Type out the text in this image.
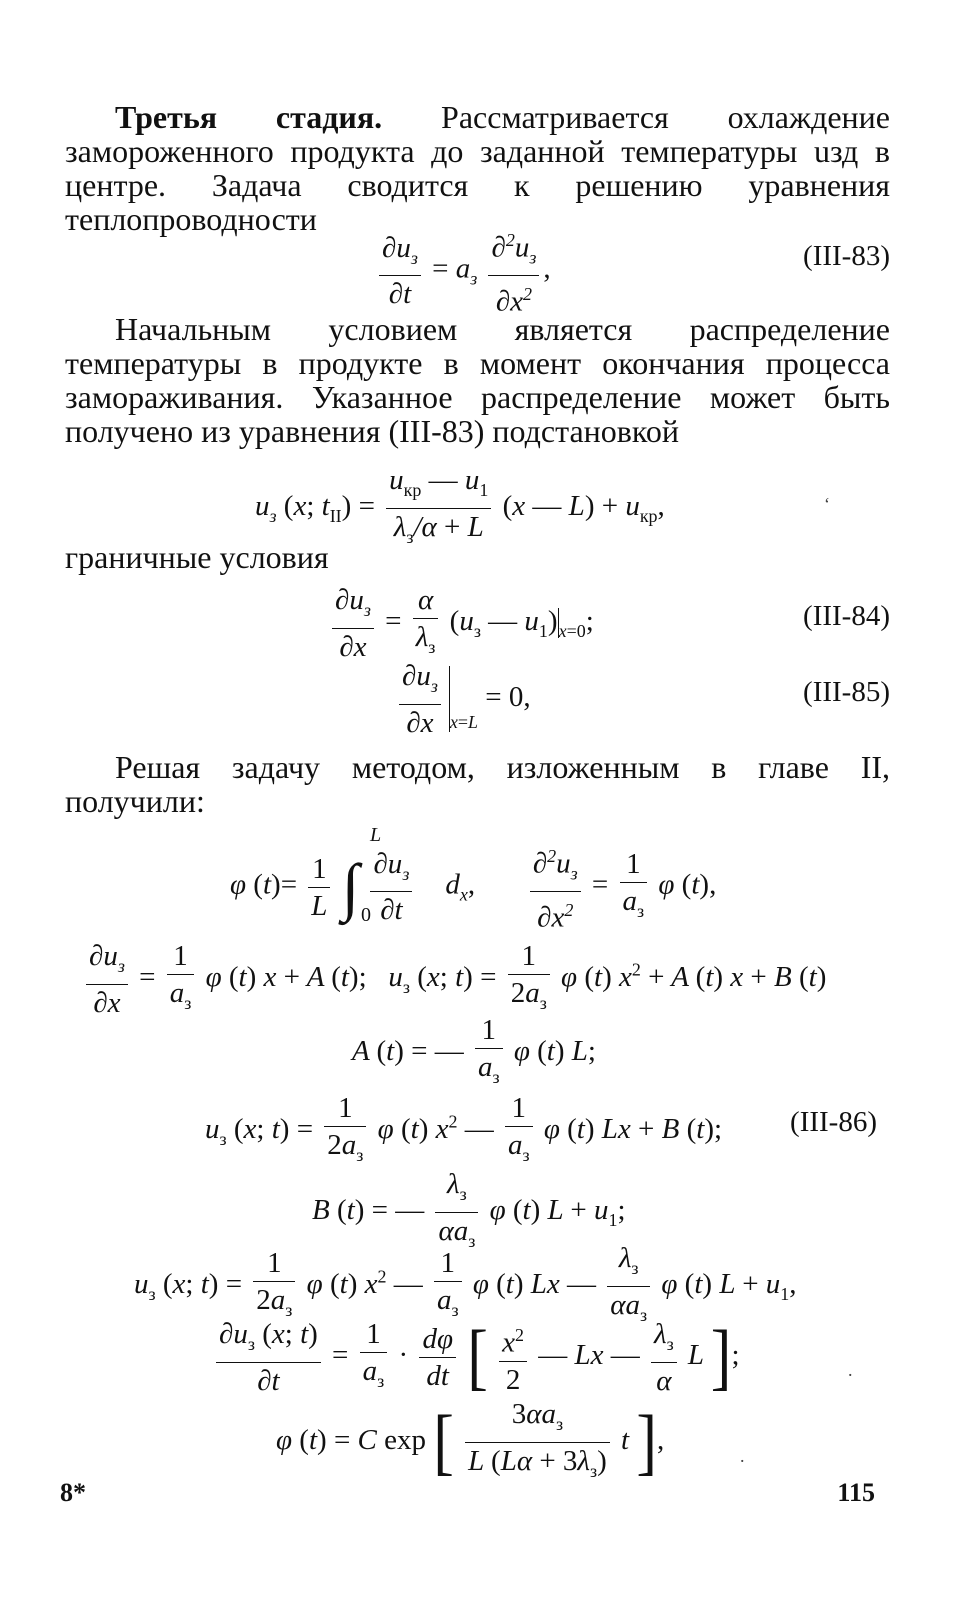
Третья стадия. Рассматривается охлаждение замороженного продукта до заданной температуры uзд в центре. Задача сводится к решению уравнения теплопроводности

$\frac{\partial u_з}{\partial t} = a_з \frac{\partial^2u_з}{\partial x^2}$ ,	(III-83)

Начальным условием является распределение температуры в продукте в момент окончания процесса замораживания. Указанное распределение может быть получено из уравнения (III-83) подстановкой

$u_з$ (x; $t_{II}) = \frac{u_{кр} — u_1}{\lambda_з/\alpha + L} (x$ — $L) + u_{кр}$,	‘
граничные условия
$\frac{\partial u_з}{\partial x} = \frac{\alpha}{\lambda_з} (u_з$ — $u_1)_{x=0}$;	(III-84)
$\frac{\partial u_з}{\partial x} _{x=L} = 0$,	(III-85)

Решая задачу методом, изложенным в главе II, получили:

φ $(t)= \frac{1}{L}$ ∫ $\frac{\partial u_з}{\partial t} d_x$, $\frac{\partial^2u_з}{\partial x^2} = \frac{1}{a_з}$ φ (t),
L
0
$\frac{\partial u_з}{\partial x} = \frac{1}{a_з}$ φ (t) x + A (t);   $u_з$ (x; $t) = \frac{1}{2a_з}$ φ (t) $x^2 + A$ (t) x + B (t)
A (t) = — $\frac{1}{a_з}$ φ (t) L;
$u_з$ (x; $t) = \frac{1}{2a_з}$ φ (t) $x^2$ — $\frac{1}{a_з}$ φ (t) Lx + B (t); (III-86)
B (t) = — $\frac{\lambda_з}{\alpha a_з}$ φ (t) $L + u_1$;
$u_з$ (x; $t) = \frac{1}{2a_з}$ φ (t) $x^2$ — $\frac{1}{a_з}$ φ (t) Lx — $\frac{\lambda_з}{\alpha a_з}$ φ (t) $L + u_1$,
$\frac{\partial u_з (x; t)}{\partial t} = \frac{1}{a_з} \cdot \frac{d\varphi}{dt}$ [ $\frac{x^2}{2}$ — Lx — $\frac{\lambda_з}{\alpha}$ L ];	.
φ (t) = C exp [ $\frac{3\alpha a_з}{L (L\alpha + 3\lambda_з)}$ t ],
.
8*	115
